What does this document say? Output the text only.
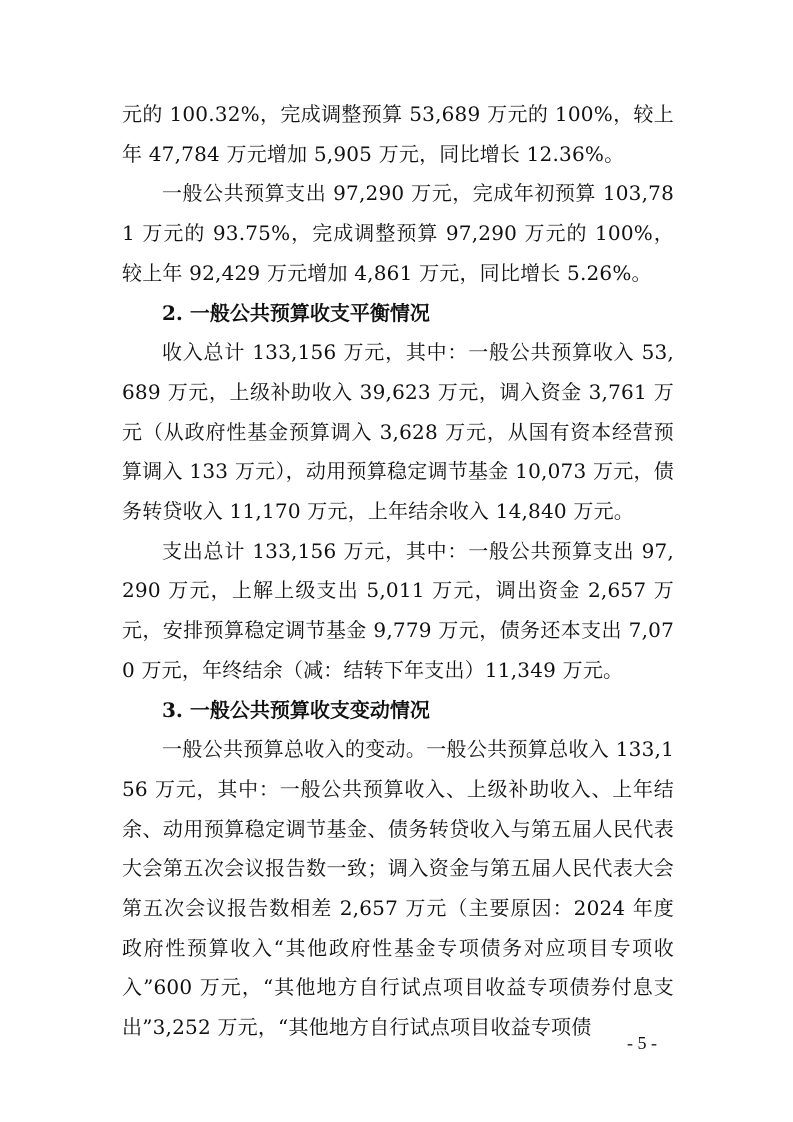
元的 100.32%，完成调整预算 53,689 万元的 100%，较上年 47,784 万元增加 5,905 万元，同比增长 12.36%。

一般公共预算支出 97,290 万元，完成年初预算 103,781 万元的 93.75%，完成调整预算 97,290 万元的 100%，较上年 92,429 万元增加 4,861 万元，同比增长 5.26%。

2. 一般公共预算收支平衡情况

收入总计 133,156 万元，其中：一般公共预算收入 53,689 万元，上级补助收入 39,623 万元，调入资金 3,761 万元（从政府性基金预算调入 3,628 万元，从国有资本经营预算调入 133 万元），动用预算稳定调节基金 10,073 万元，债务转贷收入 11,170 万元，上年结余收入 14,840 万元。

支出总计 133,156 万元，其中：一般公共预算支出 97,290 万元，上解上级支出 5,011 万元，调出资金 2,657 万元，安排预算稳定调节基金 9,779 万元，债务还本支出 7,070 万元，年终结余（减：结转下年支出）11,349 万元。

3. 一般公共预算收支变动情况

一般公共预算总收入的变动。一般公共预算总收入 133,156 万元，其中：一般公共预算收入、上级补助收入、上年结余、动用预算稳定调节基金、债务转贷收入与第五届人民代表大会第五次会议报告数一致；调入资金与第五届人民代表大会第五次会议报告数相差 2,657 万元（主要原因：2024 年度政府性预算收入“其他政府性基金专项债务对应项目专项收入”600 万元，“其他地方自行试点项目收益专项债券付息支出”3,252 万元，“其他地方自行试点项目收益专项债

- 5 -
